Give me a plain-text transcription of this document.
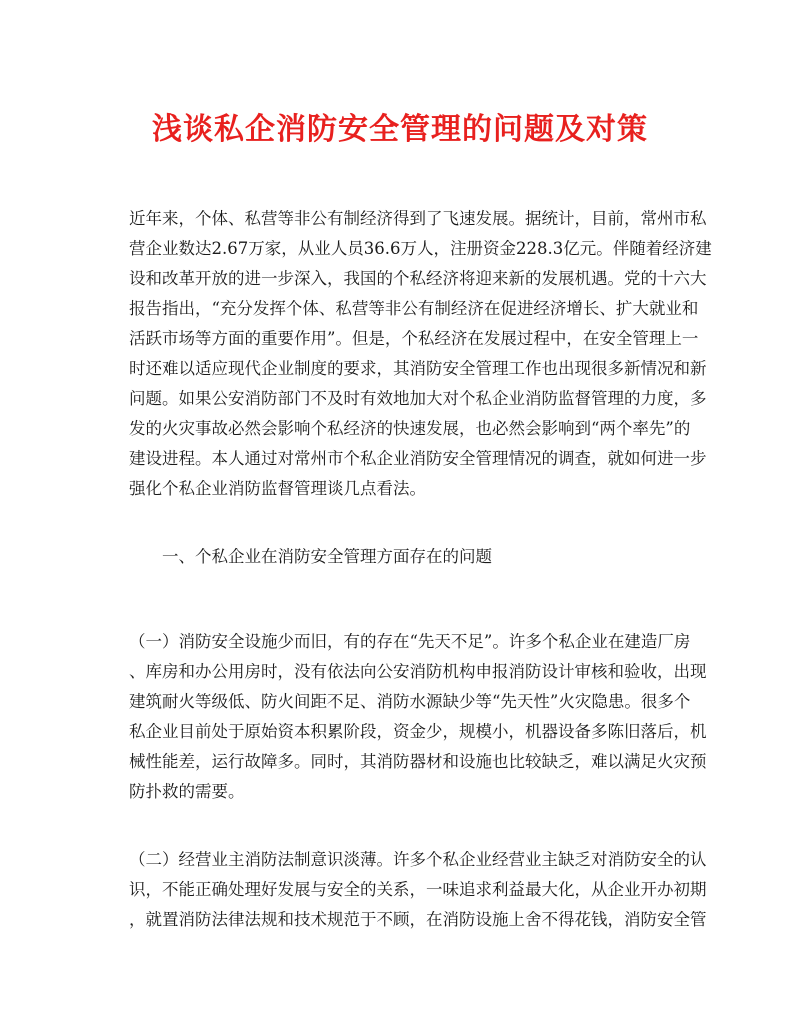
浅谈私企消防安全管理的问题及对策
近年来，个体、私营等非公有制经济得到了飞速发展。据统计，目前，常州市私
营企业数达2.67万家，从业人员36.6万人，注册资金228.3亿元。伴随着经济建
设和改革开放的进一步深入，我国的个私经济将迎来新的发展机遇。党的十六大
报告指出，“充分发挥个体、私营等非公有制经济在促进经济增长、扩大就业和
活跃市场等方面的重要作用”。但是，个私经济在发展过程中，在安全管理上一
时还难以适应现代企业制度的要求，其消防安全管理工作也出现很多新情况和新
问题。如果公安消防部门不及时有效地加大对个私企业消防监督管理的力度，多
发的火灾事故必然会影响个私经济的快速发展，也必然会影响到“两个率先”的
建设进程。本人通过对常州市个私企业消防安全管理情况的调查，就如何进一步
强化个私企业消防监督管理谈几点看法。
一、个私企业在消防安全管理方面存在的问题
（一）消防安全设施少而旧，有的存在“先天不足”。许多个私企业在建造厂房
、库房和办公用房时，没有依法向公安消防机构申报消防设计审核和验收，出现
建筑耐火等级低、防火间距不足、消防水源缺少等“先天性”火灾隐患。很多个
私企业目前处于原始资本积累阶段，资金少，规模小，机器设备多陈旧落后，机
械性能差，运行故障多。同时，其消防器材和设施也比较缺乏，难以满足火灾预
防扑救的需要。
（二）经营业主消防法制意识淡薄。许多个私企业经营业主缺乏对消防安全的认
识，不能正确处理好发展与安全的关系，一味追求利益最大化，从企业开办初期
，就置消防法律法规和技术规范于不顾，在消防设施上舍不得花钱，消防安全管
